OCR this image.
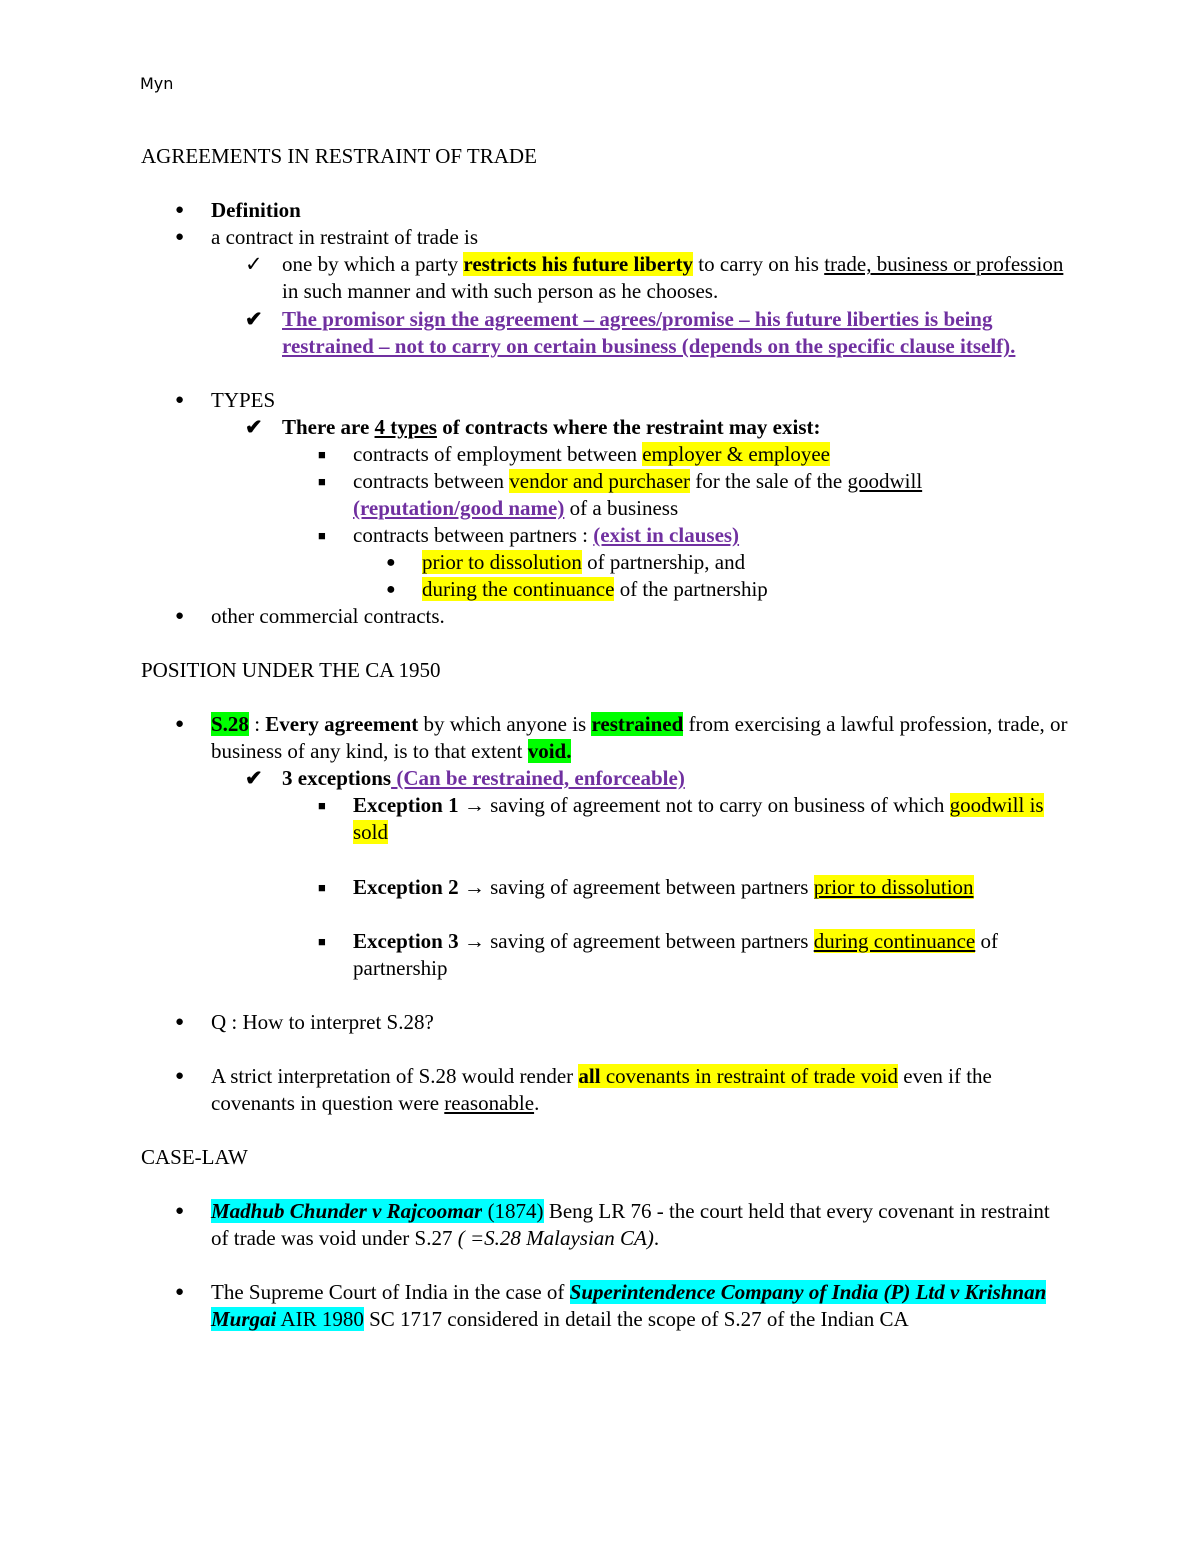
Myn
AGREEMENTS IN RESTRAINT OF TRADE
● Definition
● a contract in restraint of trade is
✓ one by which a party restricts his future liberty to carry on his trade, business or profession in such manner and with such person as he chooses.
✔ The promisor sign the agreement – agrees/promise – his future liberties is being restrained – not to carry on certain business (depends on the specific clause itself).
● TYPES
✔ There are 4 types of contracts where the restraint may exist:
■ contracts of employment between employer & employee
■ contracts between vendor and purchaser for the sale of the goodwill (reputation/good name) of a business
■ contracts between partners : (exist in clauses)
● prior to dissolution of partnership, and
● during the continuance of the partnership
● other commercial contracts.
POSITION UNDER THE CA 1950
● S.28 : Every agreement by which anyone is restrained from exercising a lawful profession, trade, or business of any kind, is to that extent void.
✔ 3 exceptions (Can be restrained, enforceable)
■ Exception 1 → saving of agreement not to carry on business of which goodwill is sold
■ Exception 2 → saving of agreement between partners prior to dissolution
■ Exception 3 → saving of agreement between partners during continuance of partnership
● Q : How to interpret S.28?
● A strict interpretation of S.28 would render all covenants in restraint of trade void even if the covenants in question were reasonable.
CASE-LAW
● Madhub Chunder v Rajcoomar (1874) Beng LR 76 - the court held that every covenant in restraint of trade was void under S.27 ( =S.28 Malaysian CA).
● The Supreme Court of India in the case of Superintendence Company of India (P) Ltd v Krishnan Murgai AIR 1980 SC 1717 considered in detail the scope of S.27 of the Indian CA
